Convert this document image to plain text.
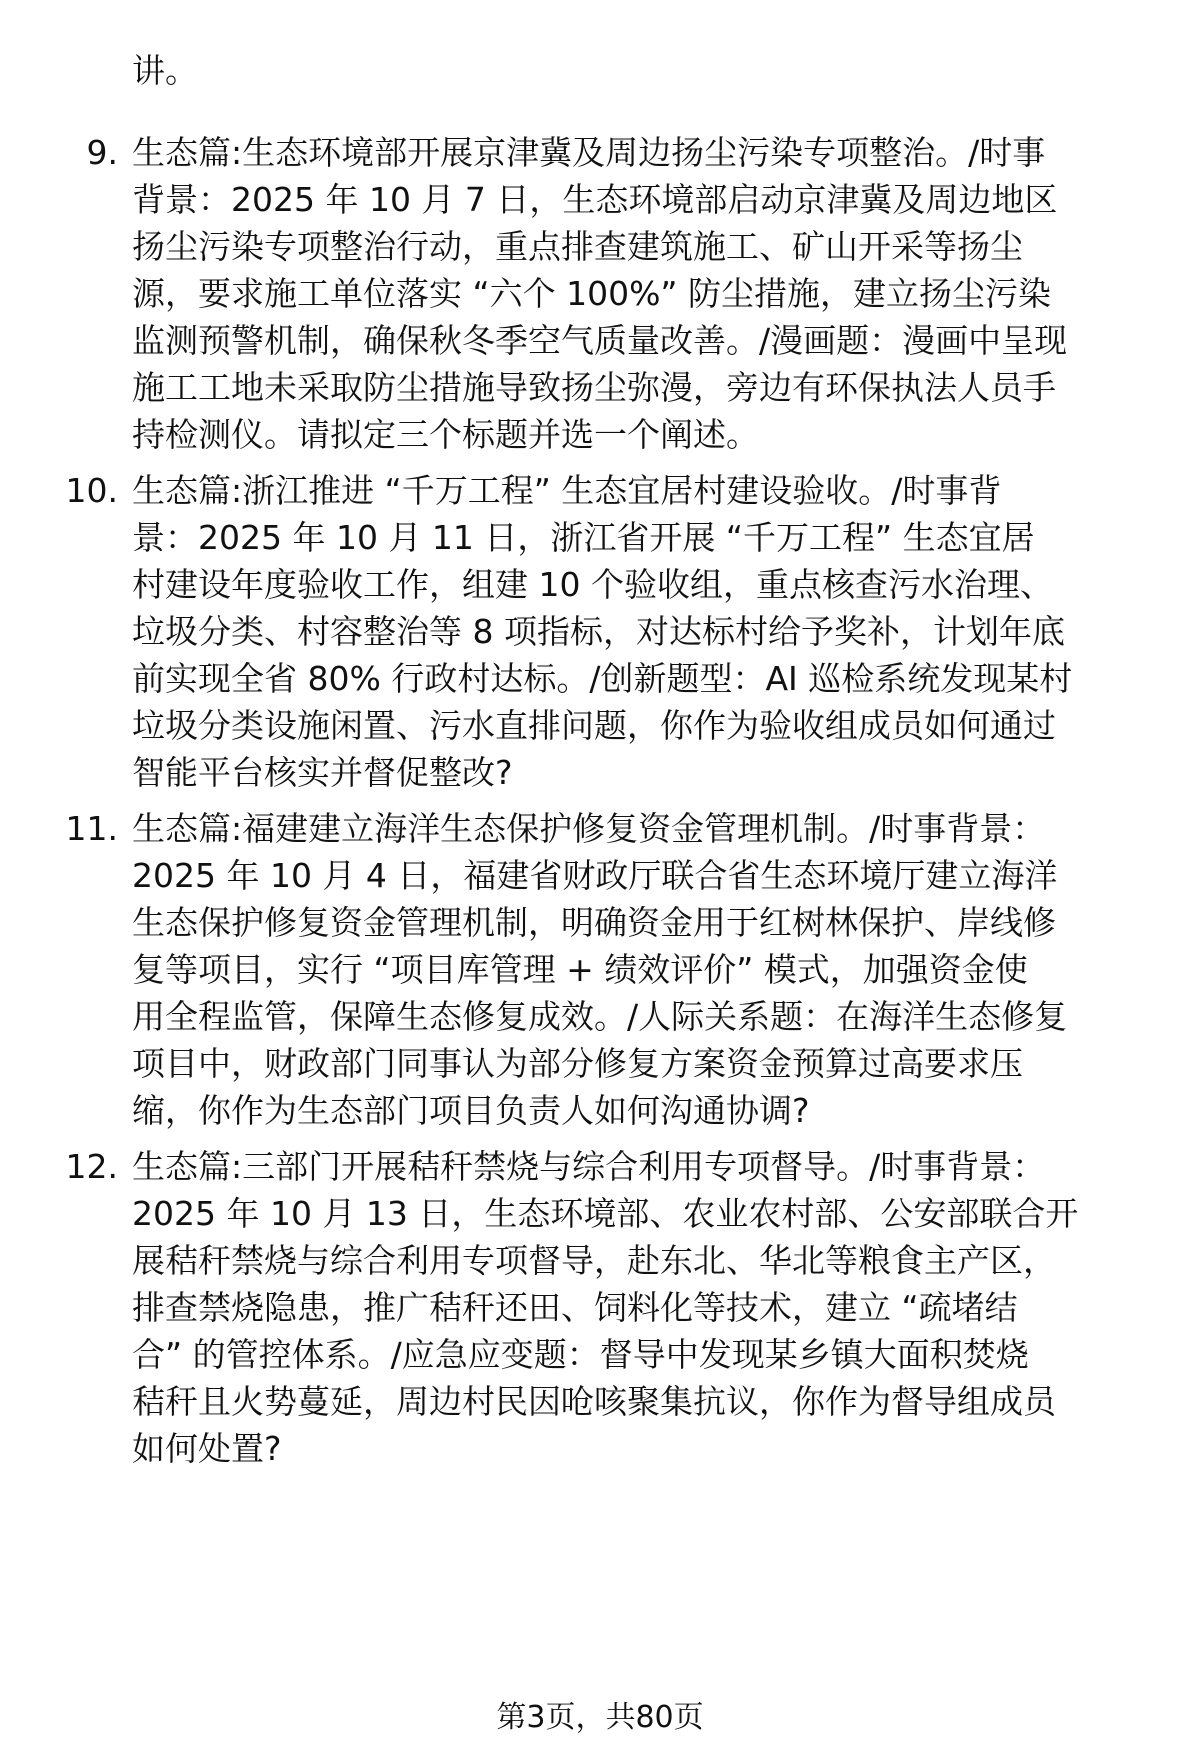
讲。
9. 生态篇:生态环境部开展京津冀及周边扬尘污染专项整治。/时事
背景：2025 年 10 月 7 日，生态环境部启动京津冀及周边地区
扬尘污染专项整治行动，重点排查建筑施工、矿山开采等扬尘
源，要求施工单位落实 “六个 100%” 防尘措施，建立扬尘污染
监测预警机制，确保秋冬季空气质量改善。/漫画题：漫画中呈现
施工工地未采取防尘措施导致扬尘弥漫，旁边有环保执法人员手
持检测仪。请拟定三个标题并选一个阐述。
10. 生态篇:浙江推进 “千万工程” 生态宜居村建设验收。/时事背
景：2025 年 10 月 11 日，浙江省开展 “千万工程” 生态宜居
村建设年度验收工作，组建 10 个验收组，重点核查污水治理、
垃圾分类、村容整治等 8 项指标，对达标村给予奖补，计划年底
前实现全省 80% 行政村达标。/创新题型：AI 巡检系统发现某村
垃圾分类设施闲置、污水直排问题，你作为验收组成员如何通过
智能平台核实并督促整改?
11. 生态篇:福建建立海洋生态保护修复资金管理机制。/时事背景：
2025 年 10 月 4 日，福建省财政厅联合省生态环境厅建立海洋
生态保护修复资金管理机制，明确资金用于红树林保护、岸线修
复等项目，实行 “项目库管理 + 绩效评价” 模式，加强资金使
用全程监管，保障生态修复成效。/人际关系题：在海洋生态修复
项目中，财政部门同事认为部分修复方案资金预算过高要求压
缩，你作为生态部门项目负责人如何沟通协调?
12. 生态篇:三部门开展秸秆禁烧与综合利用专项督导。/时事背景：
2025 年 10 月 13 日，生态环境部、农业农村部、公安部联合开
展秸秆禁烧与综合利用专项督导，赴东北、华北等粮食主产区，
排查禁烧隐患，推广秸秆还田、饲料化等技术，建立 “疏堵结
合” 的管控体系。/应急应变题：督导中发现某乡镇大面积焚烧
秸秆且火势蔓延，周边村民因呛咳聚集抗议，你作为督导组成员
如何处置?
第3页，共80页
